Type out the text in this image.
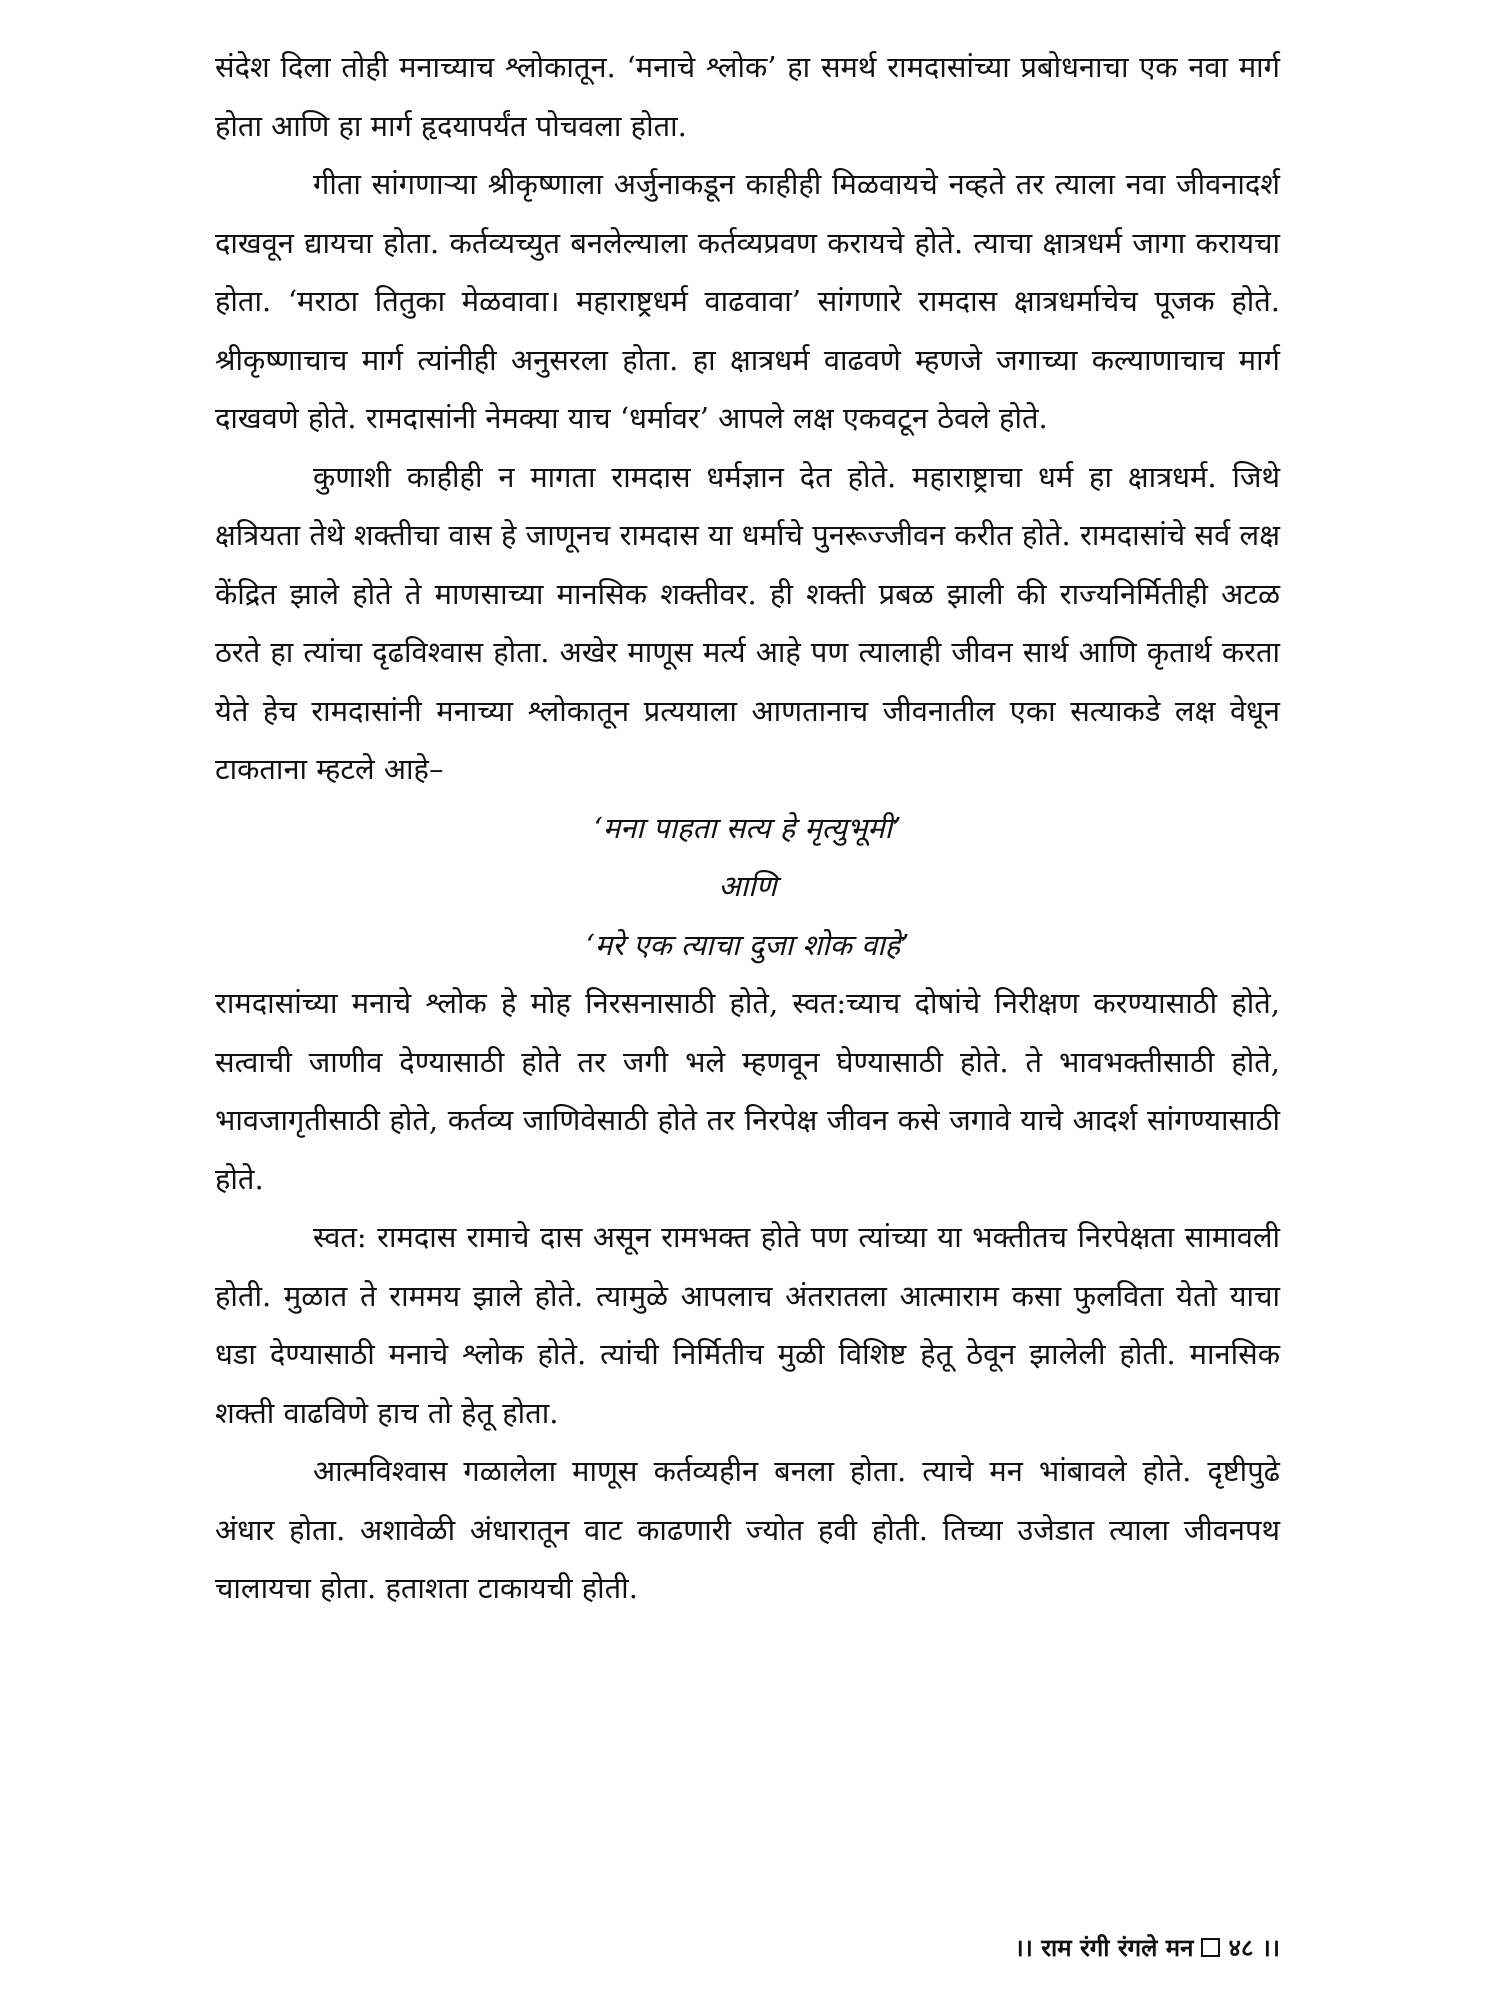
संदेश दिला तोही मनाच्याच श्लोकातून. ‘मनाचे श्लोक’ हा समर्थ रामदासांच्या प्रबोधनाचा एक नवा मार्ग होता आणि हा मार्ग हृदयापर्यंत पोचवला होता.

गीता सांगणाऱ्या श्रीकृष्णाला अर्जुनाकडून काहीही मिळवायचे नव्हते तर त्याला नवा जीवनादर्श दाखवून द्यायचा होता. कर्तव्यच्युत बनलेल्याला कर्तव्यप्रवण करायचे होते. त्याचा क्षात्रधर्म जागा करायचा होता. ‘मराठा तितुका मेळवावा। महाराष्ट्रधर्म वाढवावा’ सांगणारे रामदास क्षात्रधर्माचेच पूजक होते. श्रीकृष्णाचाच मार्ग त्यांनीही अनुसरला होता. हा क्षात्रधर्म वाढवणे म्हणजे जगाच्या कल्याणाचाच मार्ग दाखवणे होते. रामदासांनी नेमक्या याच ‘धर्मावर’ आपले लक्ष एकवटून ठेवले होते.

कुणाशी काहीही न मागता रामदास धर्मज्ञान देत होते. महाराष्ट्राचा धर्म हा क्षात्रधर्म. जिथे क्षत्रियता तेथे शक्तीचा वास हे जाणूनच रामदास या धर्माचे पुनरूज्जीवन करीत होते. रामदासांचे सर्व लक्ष केंद्रित झाले होते ते माणसाच्या मानसिक शक्तीवर. ही शक्ती प्रबळ झाली की राज्यनिर्मितीही अटळ ठरते हा त्यांचा दृढविश्वास होता. अखेर माणूस मर्त्य आहे पण त्यालाही जीवन सार्थ आणि कृतार्थ करता येते हेच रामदासांनी मनाच्या श्लोकातून प्रत्ययाला आणतानाच जीवनातील एका सत्याकडे लक्ष वेधून टाकताना म्हटले आहे–

‘मना पाहता सत्य हे मृत्युभूमी’

आणि

‘मरे एक त्याचा दुजा शोक वाहे’

रामदासांच्या मनाचे श्लोक हे मोह निरसनासाठी होते, स्वत:च्याच दोषांचे निरीक्षण करण्यासाठी होते, सत्वाची जाणीव देण्यासाठी होते तर जगी भले म्हणवून घेण्यासाठी होते. ते भावभक्तीसाठी होते, भावजागृतीसाठी होते, कर्तव्य जाणिवेसाठी होते तर निरपेक्ष जीवन कसे जगावे याचे आदर्श सांगण्यासाठी होते.

स्वत: रामदास रामाचे दास असून रामभक्त होते पण त्यांच्या या भक्तीतच निरपेक्षता सामावली होती. मुळात ते राममय झाले होते. त्यामुळे आपलाच अंतरातला आत्माराम कसा फुलविता येतो याचा धडा देण्यासाठी मनाचे श्लोक होते. त्यांची निर्मितीच मुळी विशिष्ट हेतू ठेवून झालेली होती. मानसिक शक्ती वाढविणे हाच तो हेतू होता.

आत्मविश्वास गळालेला माणूस कर्तव्यहीन बनला होता. त्याचे मन भांबावले होते. दृष्टीपुढे अंधार होता. अशावेळी अंधारातून वाट काढणारी ज्योत हवी होती. तिच्या उजेडात त्याला जीवनपथ चालायचा होता. हताशता टाकायची होती.

।। राम रंगी रंगले मन ४८ ।।
